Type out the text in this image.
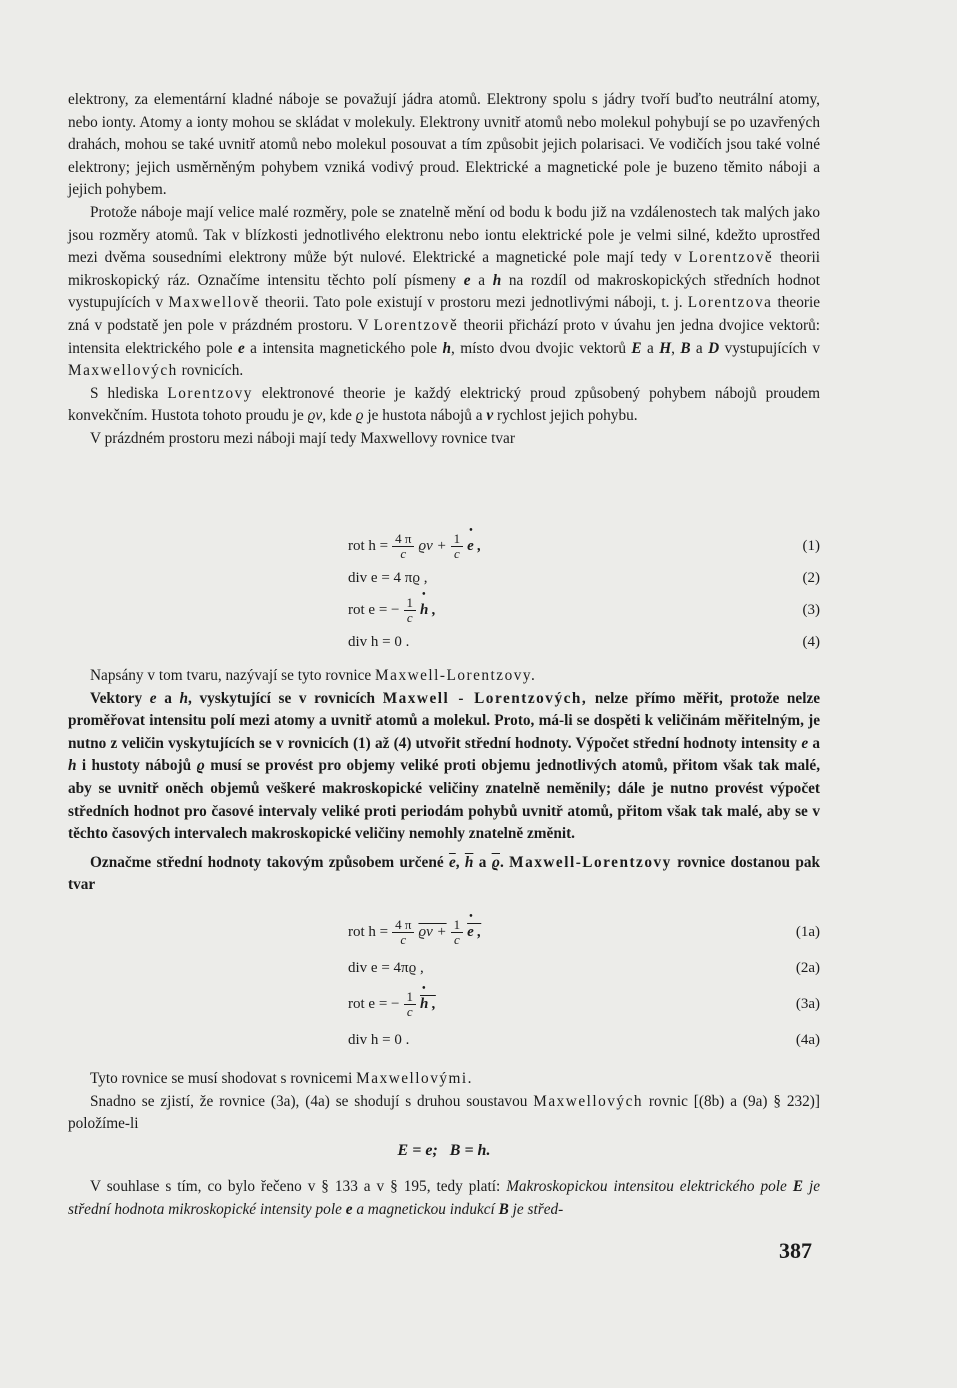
elektrony, za elementární kladné náboje se považují jádra atomů. Elektrony spolu s jádry tvoří buďto neutrální atomy, nebo ionty. Atomy a ionty mohou se skládat v molekuly. Elektrony uvnitř atomů nebo molekul pohybují se po uzavřených drahách, mohou se také uvnitř atomů nebo molekul posouvat a tím způsobit jejich polarisaci. Ve vodičích jsou také volné elektrony; jejich usměrněným pohybem vzniká vodivý proud. Elektrické a magnetické pole je buzeno těmito náboji a jejich pohybem.

Protože náboje mají velice malé rozměry, pole se znatelně mění od bodu k bodu již na vzdálenostech tak malých jako jsou rozměry atomů. Tak v blízkosti jednotlivého elektronu nebo iontu elektrické pole je velmi silné, kdežto uprostřed mezi dvěma sousedními elektrony může být nulové. Elektrické a magnetické pole mají tedy v Lorentzově theorii mikroskopický ráz. Označíme intensitu těchto polí písmeny e a h na rozdíl od makroskopických středních hodnot vystupujících v Maxwellově theorii. Tato pole existují v prostoru mezi jednotlivými náboji, t. j. Lorentzova theorie zná v podstatě jen pole v prázdném prostoru. V Lorentzově theorii přichází proto v úvahu jen jedna dvojice vektorů: intensita elektrického pole e a intensita magnetického pole h, místo dvou dvojic vektorů E a H, B a D vystupujících v Maxwellových rovnicích.

S hlediska Lorentzovy elektronové theorie je každý elektrický proud způsobený pohybem nábojů proudem konvekčním. Hustota tohoto proudu je ϱv, kde ϱ je hustota nábojů a v rychlost jejich pohybu.

V prázdném prostoru mezi náboji mají tedy Maxwellovy rovnice tvar

rot $h = \frac{4 \pi}{c}$ $ϱv + \frac{1}{c}$ • e ,	(1)
div e = 4 πϱ ,	(2)
rot e = − $\frac{1}{c}$ • h ,	(3)
div h = 0 .	(4)

Napsány v tom tvaru, nazývají se tyto rovnice Maxwell-Lorentzovy.

Vektory e a h, vyskytující se v rovnicích Maxwell - Lorentzových, nelze přímo měřit, protože nelze proměřovat intensitu polí mezi atomy a uvnitř atomů a molekul. Proto, má-li se dospěti k veličinám měřitelným, je nutno z veličin vyskytujících se v rovnicích (1) až (4) utvořit střední hodnoty. Výpočet střední hodnoty intensity e a h i hustoty nábojů ϱ musí se provést pro objemy veliké proti objemu jednotlivých atomů, přitom však tak malé, aby se uvnitř oněch objemů veškeré makroskopické veličiny znatelně neměnily; dále je nutno provést výpočet středních hodnot pro časové intervaly veliké proti periodám pohybů uvnitř atomů, přitom však tak malé, aby se v těchto časových intervalech makroskopické veličiny nemohly znatelně změnit.

Označme střední hodnoty takovým způsobem určené $\overline{e}$, $\overline{h}$ a $\overline{ϱ}$. Maxwell-Lorentzovy rovnice dostanou pak tvar

rot $h = \frac{4 \pi}{c}$ $ϱv + \frac{1}{c}$ • e ,	(1a)
div e = 4πϱ ,	(2a)
rot e = − $\frac{1}{c}$ • h ,	(3a)
div h = 0 .	(4a)

Tyto rovnice se musí shodovat s rovnicemi Maxwellovými.

Snadno se zjistí, že rovnice (3a), (4a) se shodují s druhou soustavou Maxwellových rovnic [(8b) a (9a) § 232)] položíme-li

E = e; B = h.

V souhlase s tím, co bylo řečeno v § 133 a v § 195, tedy platí: Makroskopickou intensitou elektrického pole E je střední hodnota mikroskopické intensity pole e a magnetickou indukcí B je střed-

387
